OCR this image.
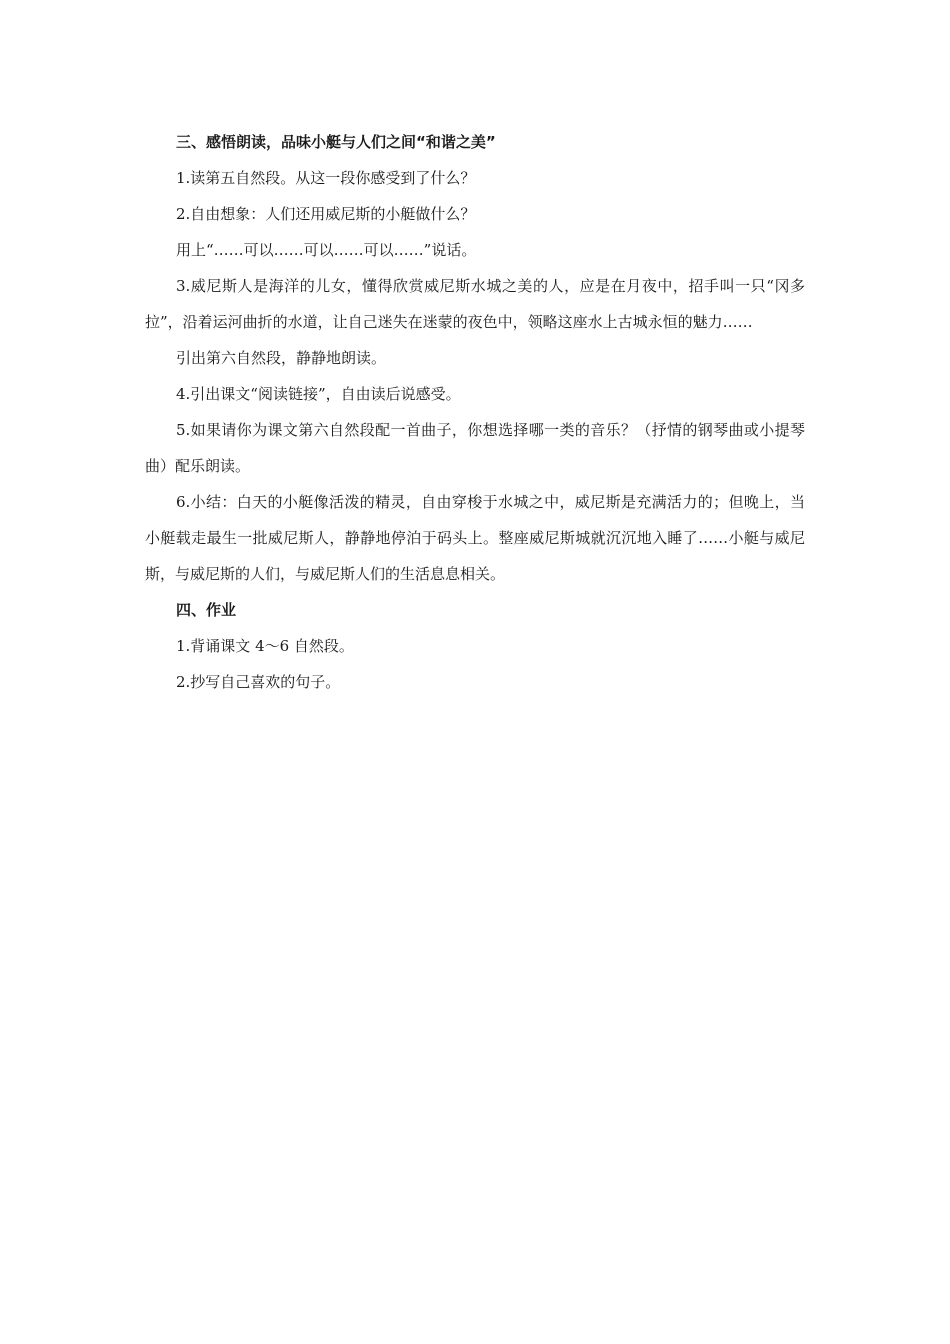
三、感悟朗读，品味小艇与人们之间“和谐之美”

1.读第五自然段。从这一段你感受到了什么？

2.自由想象：人们还用威尼斯的小艇做什么？

用上“……可以……可以……可以……”说话。

3.威尼斯人是海洋的儿女，懂得欣赏威尼斯水城之美的人，应是在月夜中，招手叫一只“冈多拉”，沿着运河曲折的水道，让自己迷失在迷蒙的夜色中，领略这座水上古城永恒的魅力……

引出第六自然段，静静地朗读。

4.引出课文“阅读链接”，自由读后说感受。

5.如果请你为课文第六自然段配一首曲子，你想选择哪一类的音乐？（抒情的钢琴曲或小提琴曲）配乐朗读。

6.小结：白天的小艇像活泼的精灵，自由穿梭于水城之中，威尼斯是充满活力的；但晚上，当小艇载走最生一批威尼斯人，静静地停泊于码头上。整座威尼斯城就沉沉地入睡了……小艇与威尼斯，与威尼斯的人们，与威尼斯人们的生活息息相关。

四、作业

1.背诵课文 4～6 自然段。

2.抄写自己喜欢的句子。
